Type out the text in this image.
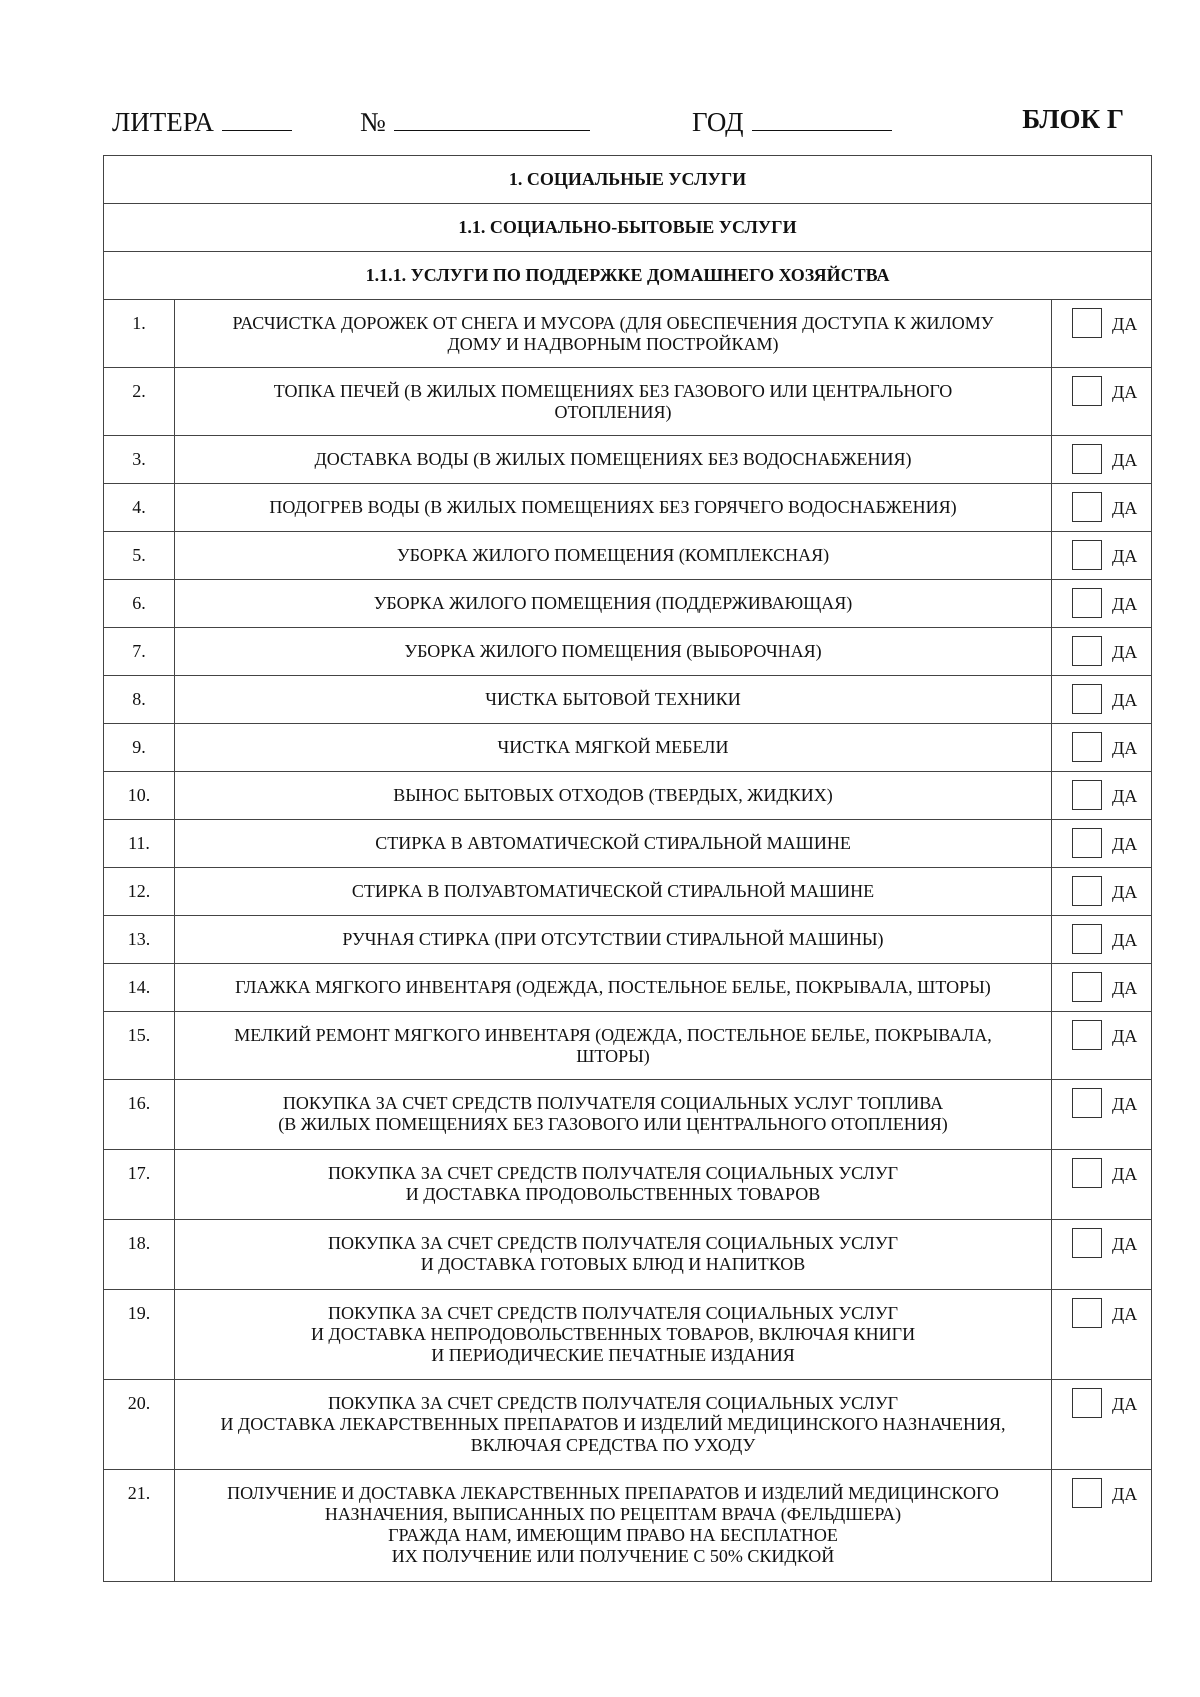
ЛИТЕРА	№	ГОД	БЛОК Г
1. СОЦИАЛЬНЫЕ УСЛУГИ		
1.1. СОЦИАЛЬНО-БЫТОВЫЕ УСЛУГИ		
1.1.1. УСЛУГИ ПО ПОДДЕРЖКЕ ДОМАШНЕГО ХОЗЯЙСТВА		

1.	РАСЧИСТКА ДОРОЖЕК ОТ СНЕГА И МУСОРА (ДЛЯ ОБЕСПЕЧЕНИЯ ДОСТУПА К ЖИЛОМУ
ДОМУ И НАДВОРНЫМ ПОСТРОЙКАМ)	ДА

2.	ТОПКА ПЕЧЕЙ (В ЖИЛЫХ ПОМЕЩЕНИЯХ БЕЗ ГАЗОВОГО ИЛИ ЦЕНТРАЛЬНОГО
ОТОПЛЕНИЯ)	ДА

3.	ДОСТАВКА ВОДЫ (В ЖИЛЫХ ПОМЕЩЕНИЯХ БЕЗ ВОДОСНАБЖЕНИЯ)	ДА

4.	ПОДОГРЕВ ВОДЫ (В ЖИЛЫХ ПОМЕЩЕНИЯХ БЕЗ ГОРЯЧЕГО ВОДОСНАБЖЕНИЯ)	ДА

5.	УБОРКА ЖИЛОГО ПОМЕЩЕНИЯ (КОМПЛЕКСНАЯ)	ДА

6.	УБОРКА ЖИЛОГО ПОМЕЩЕНИЯ (ПОДДЕРЖИВАЮЩАЯ)	ДА

7.	УБОРКА ЖИЛОГО ПОМЕЩЕНИЯ (ВЫБОРОЧНАЯ)	ДА

8.	ЧИСТКА БЫТОВОЙ ТЕХНИКИ	ДА

9.	ЧИСТКА МЯГКОЙ МЕБЕЛИ	ДА

10.	ВЫНОС БЫТОВЫХ ОТХОДОВ (ТВЕРДЫХ, ЖИДКИХ)	ДА

11.	СТИРКА В АВТОМАТИЧЕСКОЙ СТИРАЛЬНОЙ МАШИНЕ	ДА

12.	СТИРКА В ПОЛУАВТОМАТИЧЕСКОЙ СТИРАЛЬНОЙ МАШИНЕ	ДА

13.	РУЧНАЯ СТИРКА (ПРИ ОТСУТСТВИИ СТИРАЛЬНОЙ МАШИНЫ)	ДА

14.	ГЛАЖКА МЯГКОГО ИНВЕНТАРЯ (ОДЕЖДА, ПОСТЕЛЬНОЕ БЕЛЬЕ, ПОКРЫВАЛА, ШТОРЫ)	ДА

15.	МЕЛКИЙ РЕМОНТ МЯГКОГО ИНВЕНТАРЯ (ОДЕЖДА, ПОСТЕЛЬНОЕ БЕЛЬЕ, ПОКРЫВАЛА,
ШТОРЫ)	ДА

16.	ПОКУПКА ЗА СЧЕТ СРЕДСТВ ПОЛУЧАТЕЛЯ СОЦИАЛЬНЫХ УСЛУГ ТОПЛИВА
(В ЖИЛЫХ ПОМЕЩЕНИЯХ БЕЗ ГАЗОВОГО ИЛИ ЦЕНТРАЛЬНОГО ОТОПЛЕНИЯ)	ДА

17.	ПОКУПКА ЗА СЧЕТ СРЕДСТВ ПОЛУЧАТЕЛЯ СОЦИАЛЬНЫХ УСЛУГ
И ДОСТАВКА ПРОДОВОЛЬСТВЕННЫХ ТОВАРОВ	ДА

18.	ПОКУПКА ЗА СЧЕТ СРЕДСТВ ПОЛУЧАТЕЛЯ СОЦИАЛЬНЫХ УСЛУГ
И ДОСТАВКА ГОТОВЫХ БЛЮД И НАПИТКОВ	ДА

19.	ПОКУПКА ЗА СЧЕТ СРЕДСТВ ПОЛУЧАТЕЛЯ СОЦИАЛЬНЫХ УСЛУГ
И ДОСТАВКА НЕПРОДОВОЛЬСТВЕННЫХ ТОВАРОВ, ВКЛЮЧАЯ КНИГИ
И ПЕРИОДИЧЕСКИЕ ПЕЧАТНЫЕ ИЗДАНИЯ	ДА

20.	ПОКУПКА ЗА СЧЕТ СРЕДСТВ ПОЛУЧАТЕЛЯ СОЦИАЛЬНЫХ УСЛУГ
И ДОСТАВКА ЛЕКАРСТВЕННЫХ ПРЕПАРАТОВ И ИЗДЕЛИЙ МЕДИЦИНСКОГО НАЗНАЧЕНИЯ,
ВКЛЮЧАЯ СРЕДСТВА ПО УХОДУ	ДА

21.	ПОЛУЧЕНИЕ И ДОСТАВКА ЛЕКАРСТВЕННЫХ ПРЕПАРАТОВ И ИЗДЕЛИЙ МЕДИЦИНСКОГО
НАЗНАЧЕНИЯ, ВЫПИСАННЫХ ПО РЕЦЕПТАМ ВРАЧА (ФЕЛЬДШЕРА)
ГРАЖДА НАМ, ИМЕЮЩИМ ПРАВО НА БЕСПЛАТНОЕ
ИХ ПОЛУЧЕНИЕ ИЛИ ПОЛУЧЕНИЕ С 50% СКИДКОЙ	ДА
